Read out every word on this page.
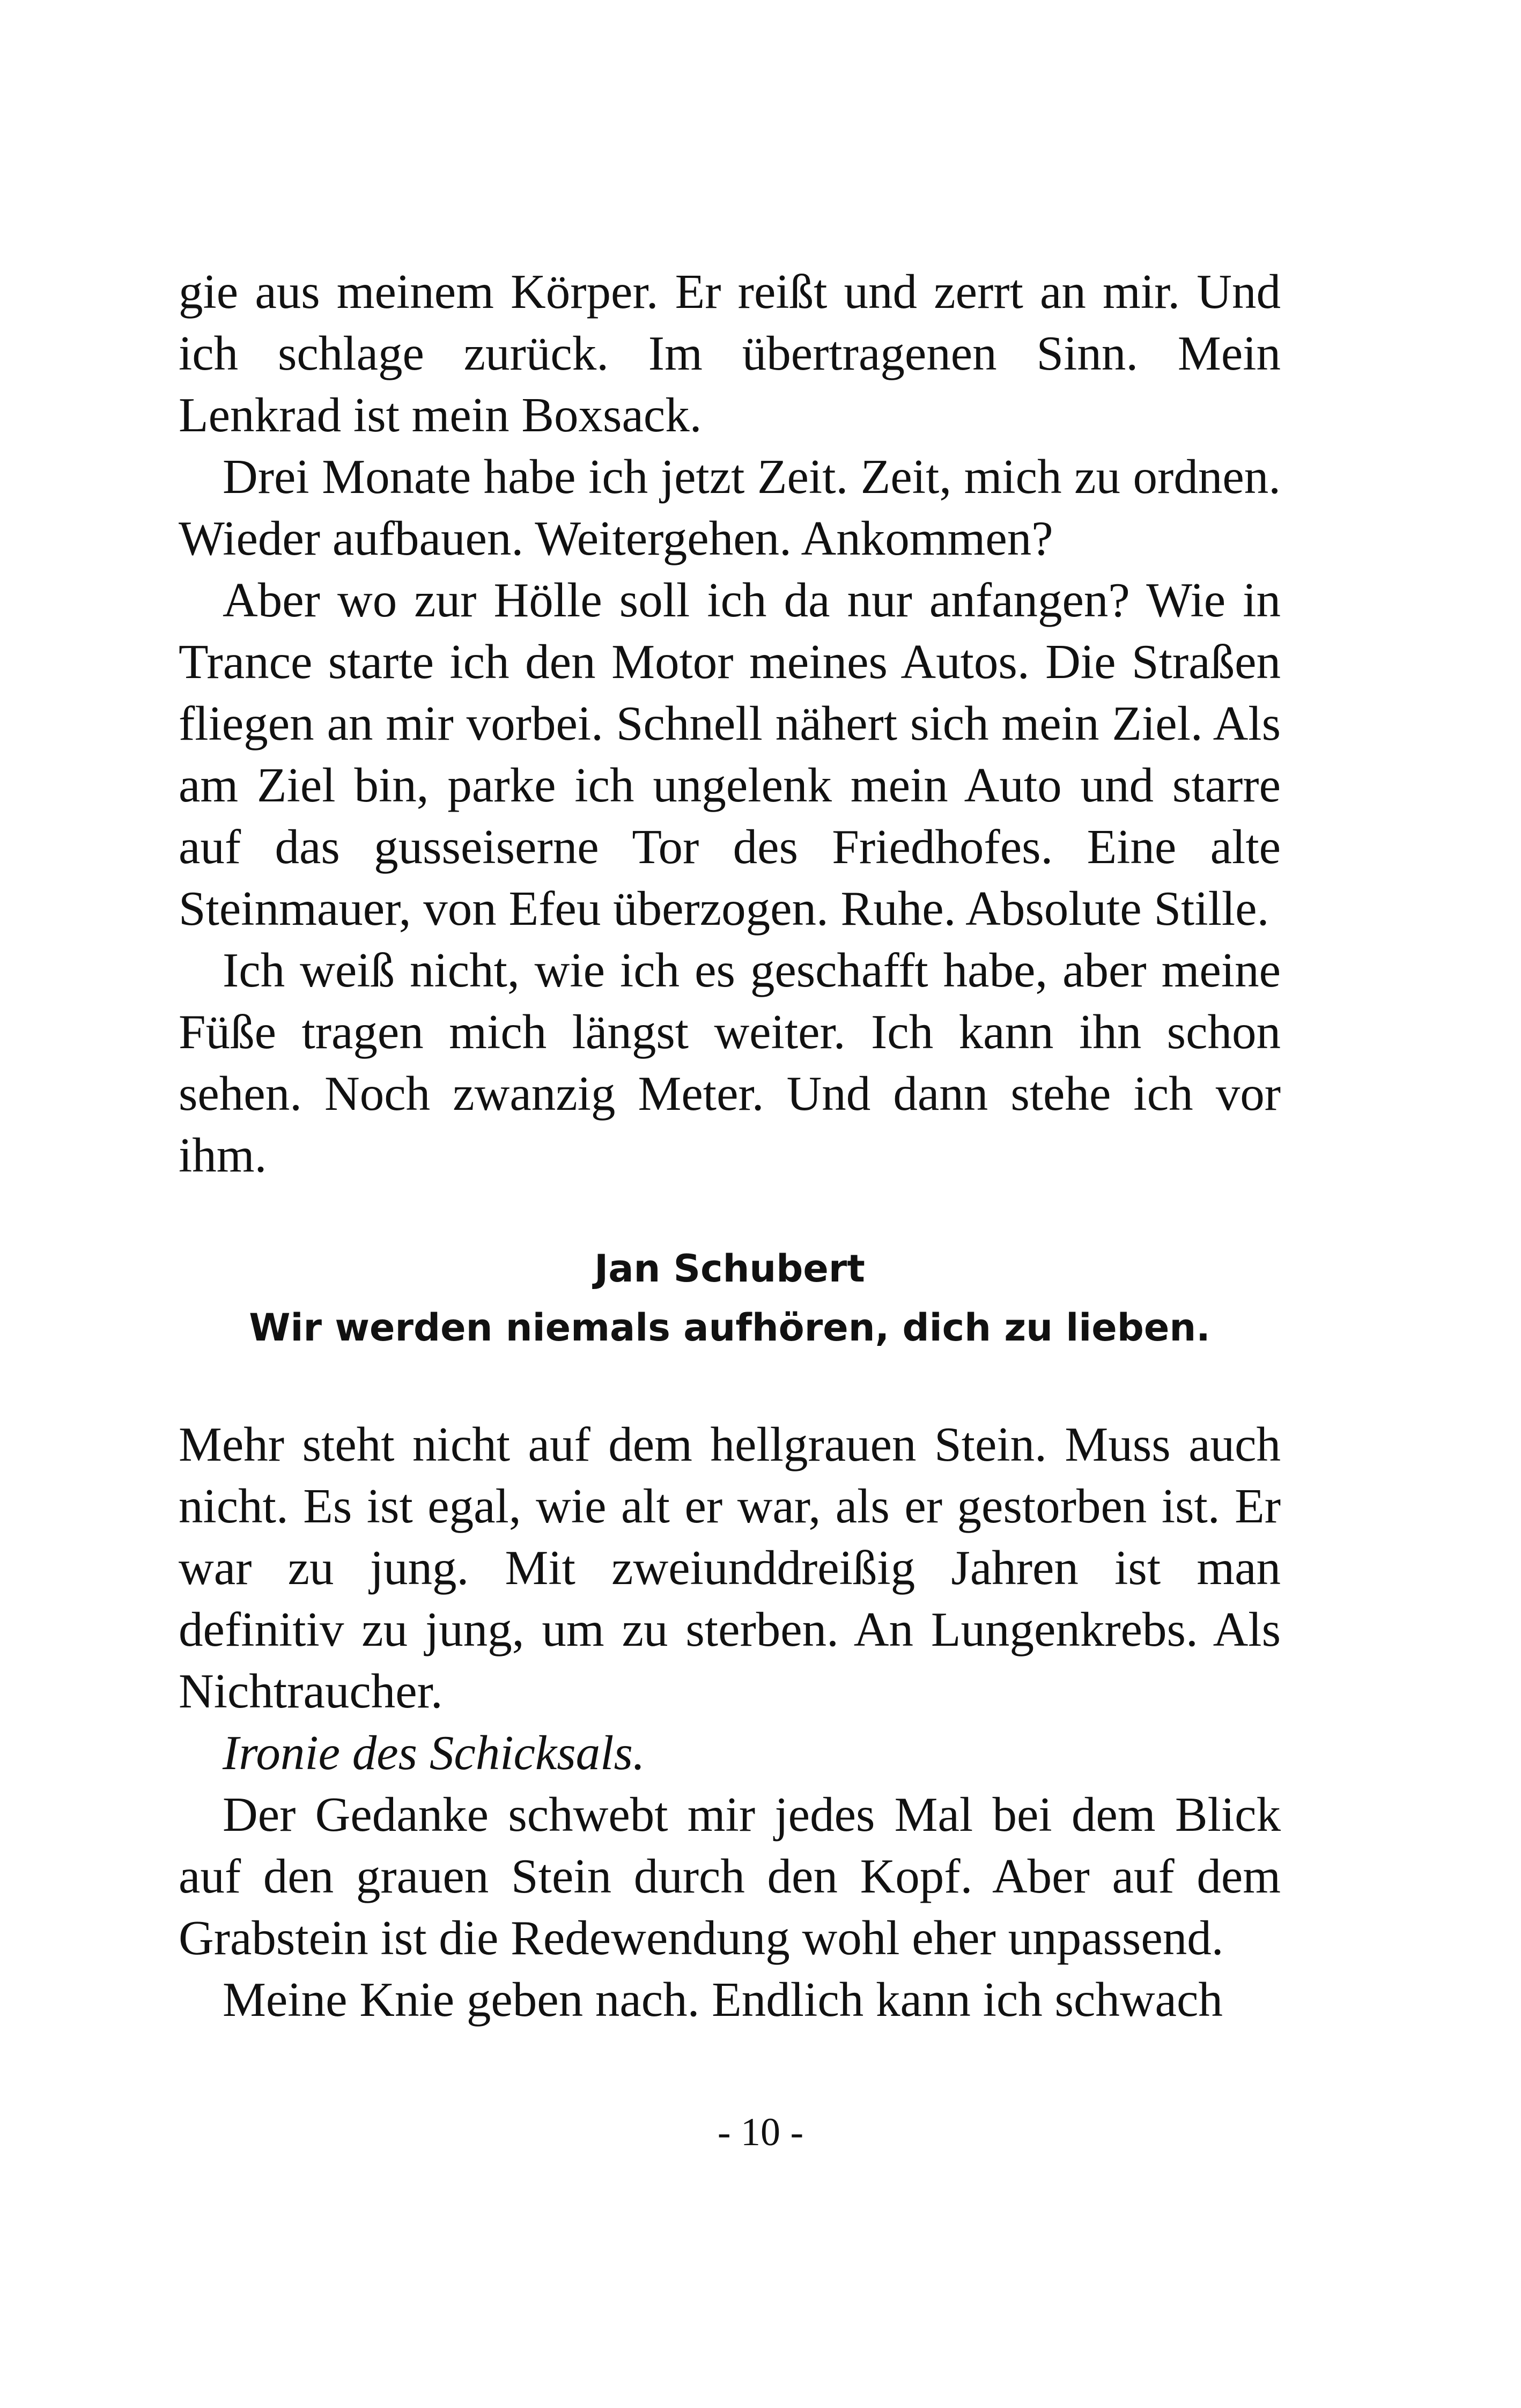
gie aus meinem Körper. Er reißt und zerrt an mir. Und ich schlage zurück. Im übertragenen Sinn. Mein Lenkrad ist mein Boxsack.

Drei Monate habe ich jetzt Zeit. Zeit, mich zu ordnen. Wieder aufbauen. Weitergehen. Ankommen?

Aber wo zur Hölle soll ich da nur anfangen? Wie in Trance starte ich den Motor meines Autos. Die Straßen fliegen an mir vorbei. Schnell nähert sich mein Ziel. Als am Ziel bin, parke ich ungelenk mein Auto und starre auf das gusseiserne Tor des Friedhofes. Eine alte Steinmauer, von Efeu überzogen. Ruhe. Absolute Stille.

Ich weiß nicht, wie ich es geschafft habe, aber meine Füße tragen mich längst weiter. Ich kann ihn schon sehen. Noch zwanzig Meter. Und dann stehe ich vor ihm.

Jan Schubert
Wir werden niemals aufhören, dich zu lieben.

Mehr steht nicht auf dem hellgrauen Stein. Muss auch nicht. Es ist egal, wie alt er war, als er gestorben ist. Er war zu jung. Mit zweiunddreißig Jahren ist man definitiv zu jung, um zu sterben. An Lungenkrebs. Als Nichtraucher.

Ironie des Schicksals.

Der Gedanke schwebt mir jedes Mal bei dem Blick auf den grauen Stein durch den Kopf. Aber auf dem Grabstein ist die Redewendung wohl eher unpassend.

Meine Knie geben nach. Endlich kann ich schwach

- 10 -
